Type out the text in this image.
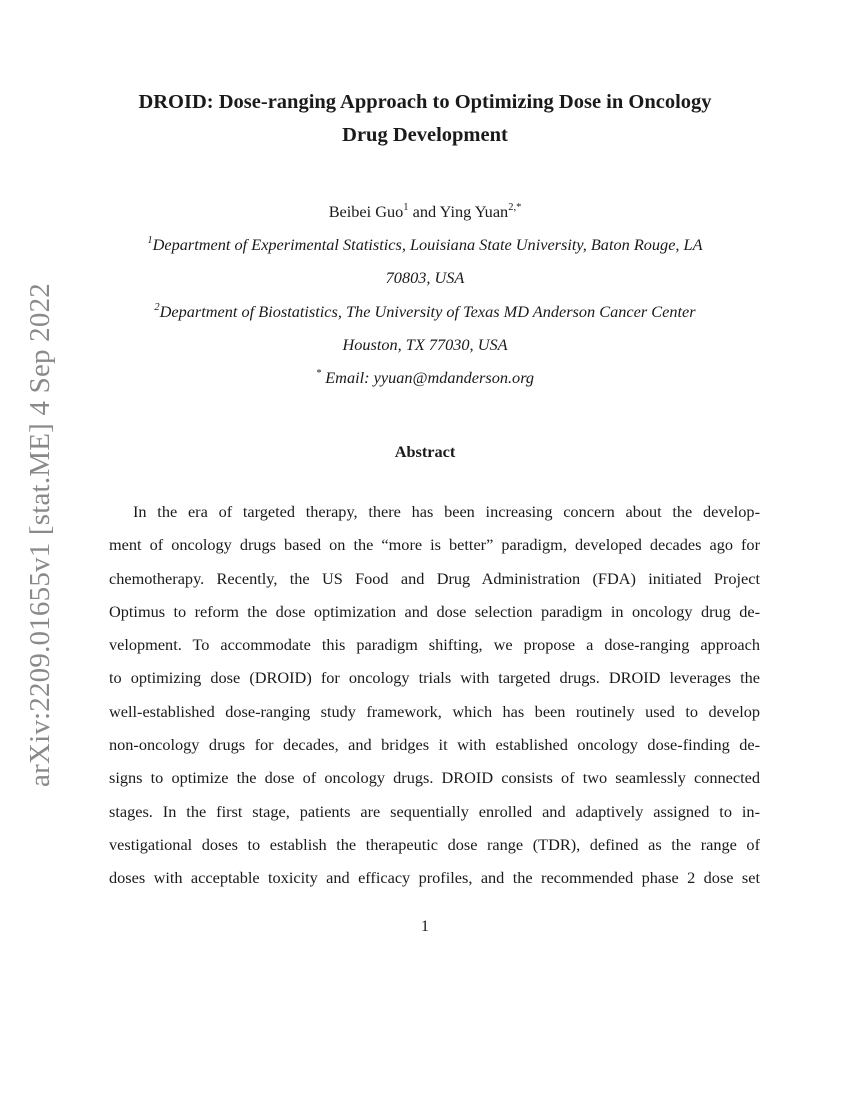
arXiv:2209.01655v1 [stat.ME] 4 Sep 2022
DROID: Dose-ranging Approach to Optimizing Dose in Oncology
Drug Development
Beibei Guo$^1$ and Ying Yuan$^{2,*}$
$^1$Department of Experimental Statistics, Louisiana State University, Baton Rouge, LA
70803, USA
$^2$Department of Biostatistics, The University of Texas MD Anderson Cancer Center
Houston, TX 77030, USA
* Email: yyuan@mdanderson.org
Abstract
In the era of targeted therapy, there has been increasing concern about the develop-
ment of oncology drugs based on the “more is better” paradigm, developed decades ago for
chemotherapy. Recently, the US Food and Drug Administration (FDA) initiated Project
Optimus to reform the dose optimization and dose selection paradigm in oncology drug de-
velopment. To accommodate this paradigm shifting, we propose a dose-ranging approach
to optimizing dose (DROID) for oncology trials with targeted drugs. DROID leverages the
well-established dose-ranging study framework, which has been routinely used to develop
non-oncology drugs for decades, and bridges it with established oncology dose-finding de-
signs to optimize the dose of oncology drugs. DROID consists of two seamlessly connected
stages. In the first stage, patients are sequentially enrolled and adaptively assigned to in-
vestigational doses to establish the therapeutic dose range (TDR), defined as the range of
doses with acceptable toxicity and efficacy profiles, and the recommended phase 2 dose set
1
